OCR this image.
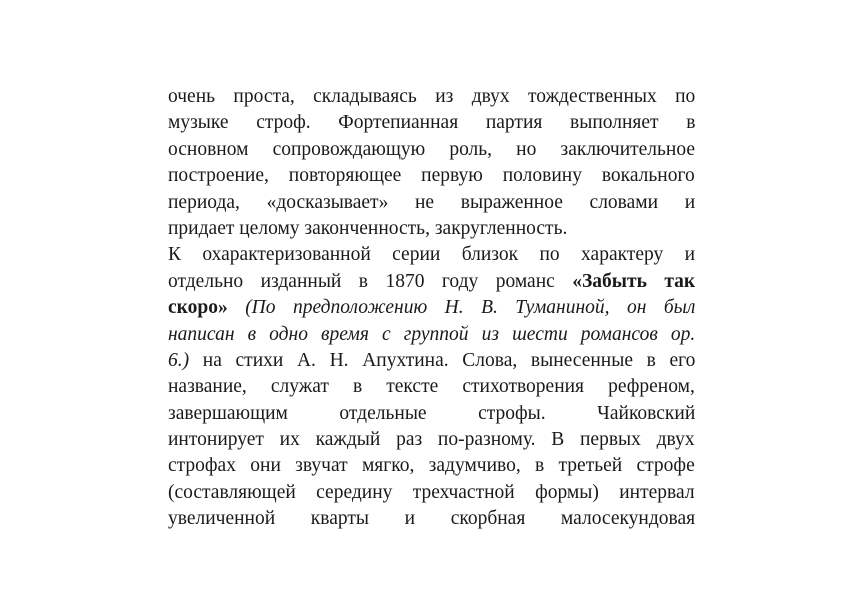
очень проста, складываясь из двух тождественных по
музыке строф. Фортепианная партия выполняет в
основном сопровождающую роль, но заключительное
построение, повторяющее первую половину вокального
периода, «досказывает» не выраженное словами и
придает целому законченность, закругленность.
К охарактеризованной серии близок по характеру и
отдельно изданный в 1870 году романс «Забыть так
скоро» (По предположению Н. В. Туманиной, он был
написан в одно время с группой из шести романсов ор.
6.) на стихи А. Н. Апухтина. Слова, вынесенные в его
название, служат в тексте стихотворения рефреном,
завершающим отдельные строфы. Чайковский
интонирует их каждый раз по-разному. В первых двух
строфах они звучат мягко, задумчиво, в третьей строфе
(составляющей середину трехчастной формы) интервал
увеличенной кварты и скорбная малосекундовая
